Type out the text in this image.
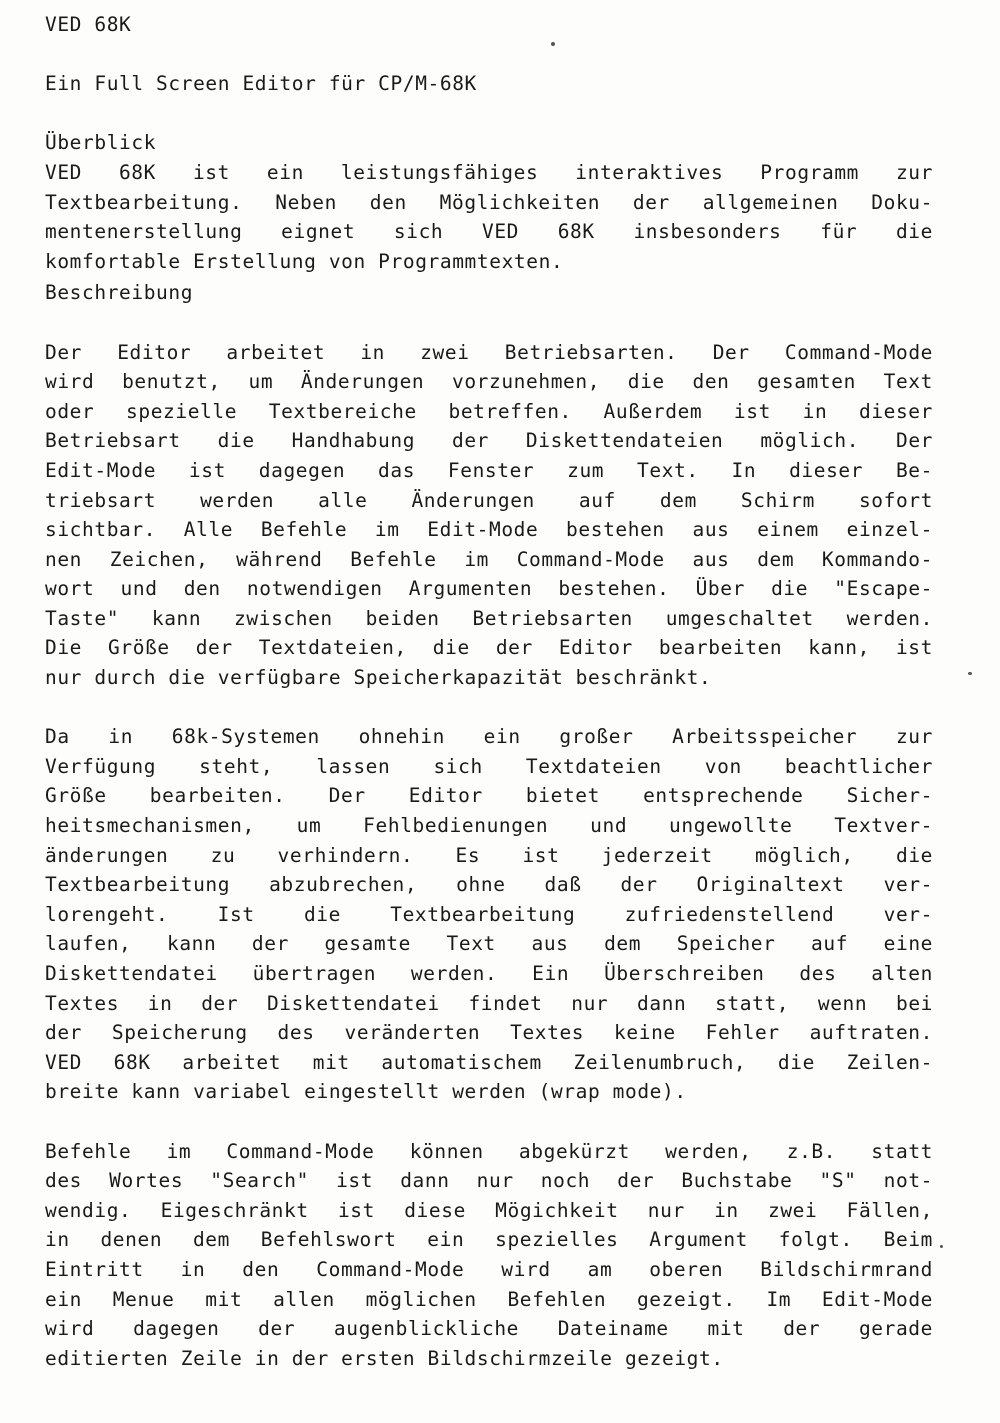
VED 68K
Ein Full Screen Editor für CP/M-68K
Überblick
VED 68K ist ein leistungsfähiges interaktives Programm zur
Textbearbeitung. Neben den Möglichkeiten der allgemeinen Doku-
mentenerstellung eignet sich VED 68K insbesonders für die
komfortable Erstellung von Programmtexten.
Beschreibung
Der Editor arbeitet in zwei Betriebsarten. Der Command-Mode
wird benutzt, um Änderungen vorzunehmen, die den gesamten Text
oder spezielle Textbereiche betreffen. Außerdem ist in dieser
Betriebsart die Handhabung der Diskettendateien möglich. Der
Edit-Mode ist dagegen das Fenster zum Text. In dieser Be-
triebsart werden alle Änderungen auf dem Schirm sofort
sichtbar. Alle Befehle im Edit-Mode bestehen aus einem einzel-
nen Zeichen, während Befehle im Command-Mode aus dem Kommando-
wort und den notwendigen Argumenten bestehen. Über die "Escape-
Taste" kann zwischen beiden Betriebsarten umgeschaltet werden.
Die Größe der Textdateien, die der Editor bearbeiten kann, ist
nur durch die verfügbare Speicherkapazität beschränkt.
Da in 68k-Systemen ohnehin ein großer Arbeitsspeicher zur
Verfügung steht, lassen sich Textdateien von beachtlicher
Größe bearbeiten. Der Editor bietet entsprechende Sicher-
heitsmechanismen, um Fehlbedienungen und ungewollte Textver-
änderungen zu verhindern. Es ist jederzeit möglich, die
Textbearbeitung abzubrechen, ohne daß der Originaltext ver-
lorengeht. Ist die Textbearbeitung zufriedenstellend ver-
laufen, kann der gesamte Text aus dem Speicher auf eine
Diskettendatei übertragen werden. Ein Überschreiben des alten
Textes in der Diskettendatei findet nur dann statt, wenn bei
der Speicherung des veränderten Textes keine Fehler auftraten.
VED 68K arbeitet mit automatischem Zeilenumbruch, die Zeilen-
breite kann variabel eingestellt werden (wrap mode).
Befehle im Command-Mode können abgekürzt werden, z.B. statt
des Wortes "Search" ist dann nur noch der Buchstabe "S" not-
wendig. Eigeschränkt ist diese Mögichkeit nur in zwei Fällen,
in denen dem Befehlswort ein spezielles Argument folgt. Beim
Eintritt in den Command-Mode wird am oberen Bildschirmrand
ein Menue mit allen möglichen Befehlen gezeigt. Im Edit-Mode
wird dagegen der augenblickliche Dateiname mit der gerade
editierten Zeile in der ersten Bildschirmzeile gezeigt.
